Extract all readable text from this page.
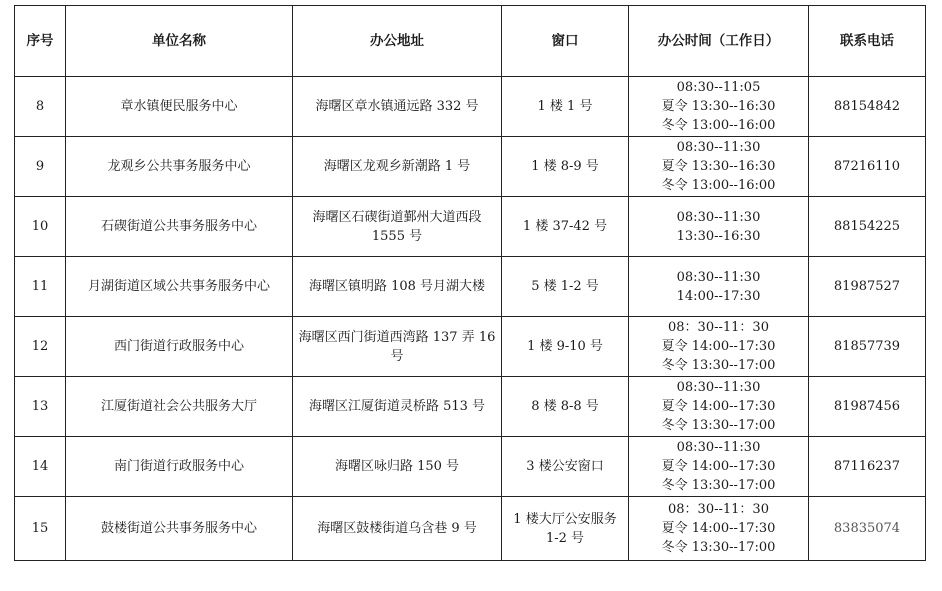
序号	单位名称	办公地址	窗口	办公时间（工作日）	联系电话
8	章水镇便民服务中心	海曙区章水镇通远路 332 号	1 楼 1 号	08:30--11:05
夏令 13:30--16:30
冬令 13:00--16:00	88154842
9	龙观乡公共事务服务中心	海曙区龙观乡新潮路 1 号	1 楼 8-9 号	08:30--11:30
夏令 13:30--16:30
冬令 13:00--16:00	87216110
10	石碶街道公共事务服务中心	海曙区石碶街道鄞州大道西段 1555 号	1 楼 37-42 号	08:30--11:30
13:30--16:30	88154225
11	月湖街道区域公共事务服务中心	海曙区镇明路 108 号月湖大楼	5 楼 1-2 号	08:30--11:30
14:00--17:30	81987527
12	西门街道行政服务中心	海曙区西门街道西湾路 137 弄 16 号	1 楼 9-10 号	08：30--11：30
夏令 14:00--17:30
冬令 13:30--17:00	81857739
13	江厦街道社会公共服务大厅	海曙区江厦街道灵桥路 513 号	8 楼 8-8 号	08:30--11:30
夏令 14:00--17:30
冬令 13:30--17:00	81987456
14	南门街道行政服务中心	海曙区咏归路 150 号	3 楼公安窗口	08:30--11:30
夏令 14:00--17:30
冬令 13:30--17:00	87116237
15	鼓楼街道公共事务服务中心	海曙区鼓楼街道乌含巷 9 号	1 楼大厅公安服务 1-2 号	08：30--11：30
夏令 14:00--17:30
冬令 13:30--17:00	83835074
